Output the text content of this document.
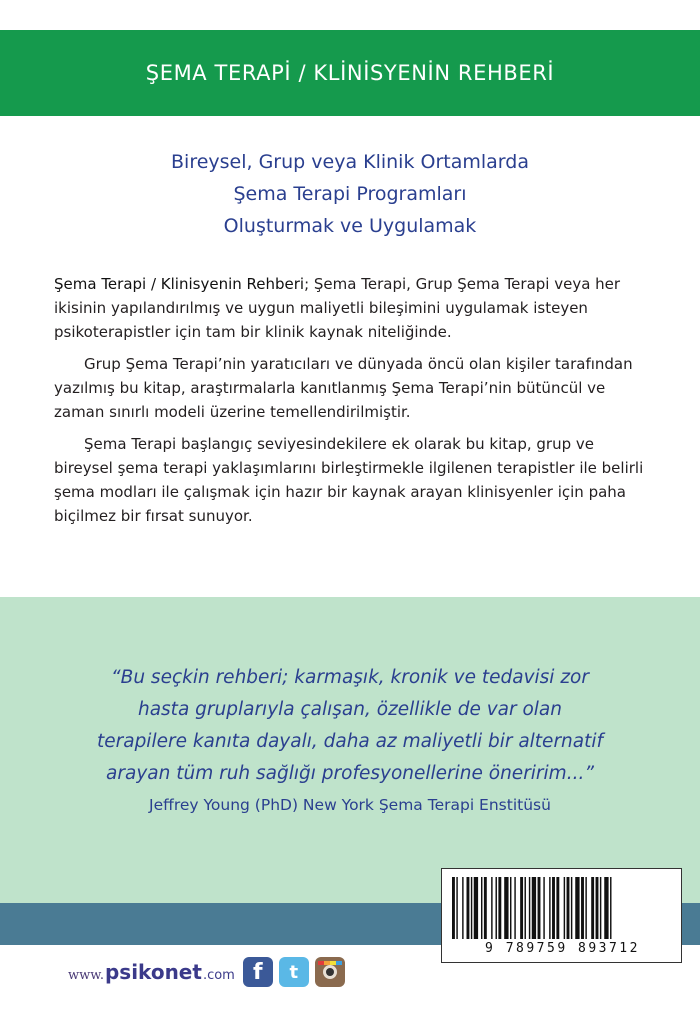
ŞEMA TERAPİ / KLİNİSYENİN REHBERİ
Bireysel, Grup veya Klinik Ortamlarda
Şema Terapi Programları
Oluşturmak ve Uygulamak

Şema Terapi / Klinisyenin Rehberi; Şema Terapi, Grup Şema Terapi veya her ikisinin yapılandırılmış ve uygun maliyetli bileşimini uygulamak isteyen psikoterapistler için tam bir klinik kaynak niteliğinde.

Grup Şema Terapi’nin yaratıcıları ve dünyada öncü olan kişiler tarafından yazılmış bu kitap, araştırmalarla kanıtlanmış Şema Terapi’nin bütüncül ve zaman sınırlı modeli üzerine temellendirilmiştir.

Şema Terapi başlangıç seviyesindekilere ek olarak bu kitap, grup ve bireysel şema terapi yaklaşımlarını birleştirmekle ilgilenen terapistler ile belirli şema modları ile çalışmak için hazır bir kaynak arayan klinisyenler için paha biçilmez bir fırsat sunuyor.

“Bu seçkin rehberi; karmaşık, kronik ve tedavisi zor
hasta gruplarıyla çalışan, özellikle de var olan
terapilere kanıta dayalı, daha az maliyetli bir alternatif
arayan tüm ruh sağlığı profesyonellerine öneririm...”
Jeffrey Young (PhD) New York Şema Terapi Enstitüsü
9 789759 893712
www. psikonet .com f t
